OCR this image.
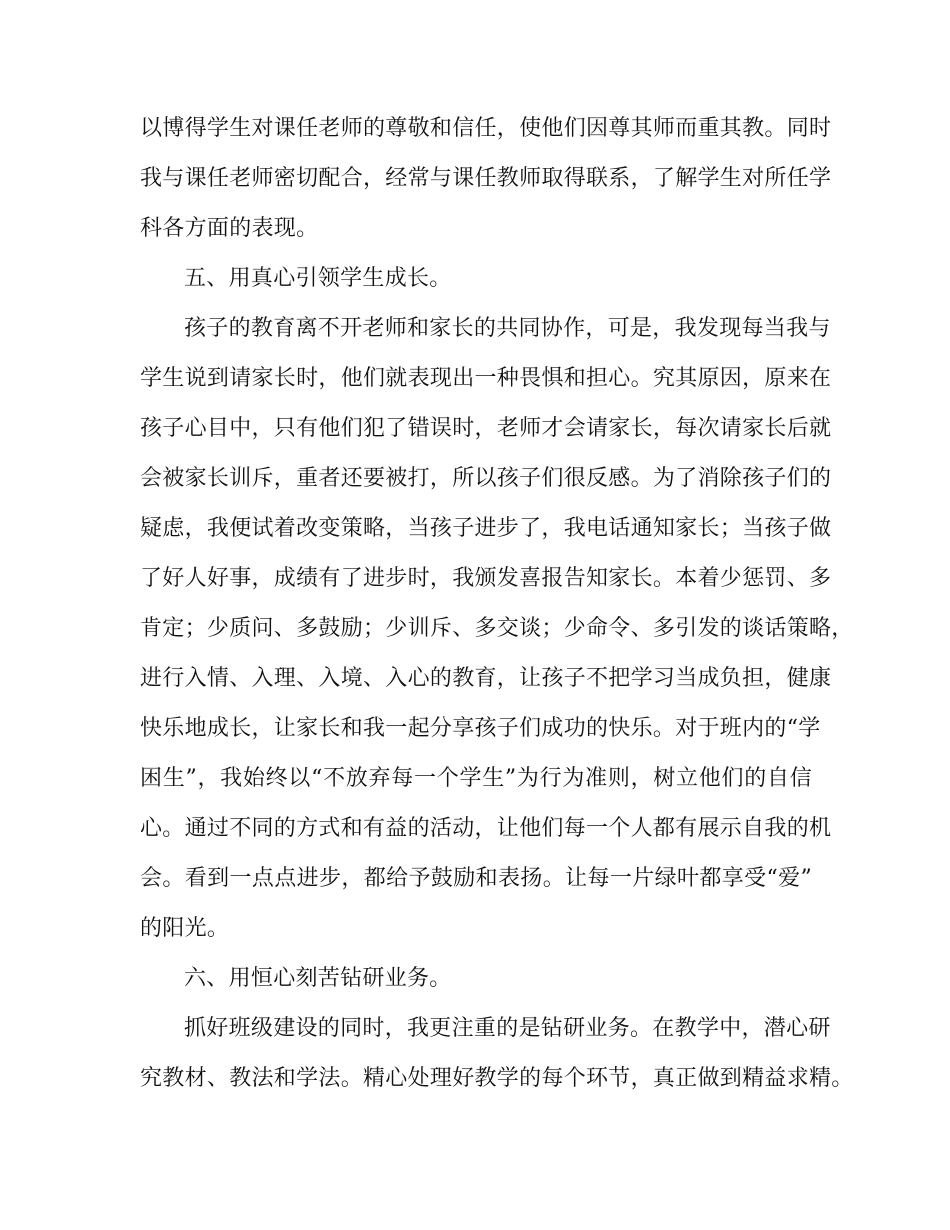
以博得学生对课任老师的尊敬和信任，使他们因尊其师而重其教。同时
我与课任老师密切配合，经常与课任教师取得联系，了解学生对所任学
科各方面的表现。
五、用真心引领学生成长。
孩子的教育离不开老师和家长的共同协作，可是，我发现每当我与
学生说到请家长时，他们就表现出一种畏惧和担心。究其原因，原来在
孩子心目中，只有他们犯了错误时，老师才会请家长，每次请家长后就
会被家长训斥，重者还要被打，所以孩子们很反感。为了消除孩子们的
疑虑，我便试着改变策略，当孩子进步了，我电话通知家长；当孩子做
了好人好事，成绩有了进步时，我颁发喜报告知家长。本着少惩罚、多
肯定；少质问、多鼓励；少训斥、多交谈；少命令、多引发的谈话策略，
进行入情、入理、入境、入心的教育，让孩子不把学习当成负担，健康
快乐地成长，让家长和我一起分享孩子们成功的快乐。对于班内的“学
困生”，我始终以“不放弃每一个学生”为行为准则，树立他们的自信
心。通过不同的方式和有益的活动，让他们每一个人都有展示自我的机
会。看到一点点进步，都给予鼓励和表扬。让每一片绿叶都享受“爱”
的阳光。
六、用恒心刻苦钻研业务。
抓好班级建设的同时，我更注重的是钻研业务。在教学中，潜心研
究教材、教法和学法。精心处理好教学的每个环节，真正做到精益求精。
